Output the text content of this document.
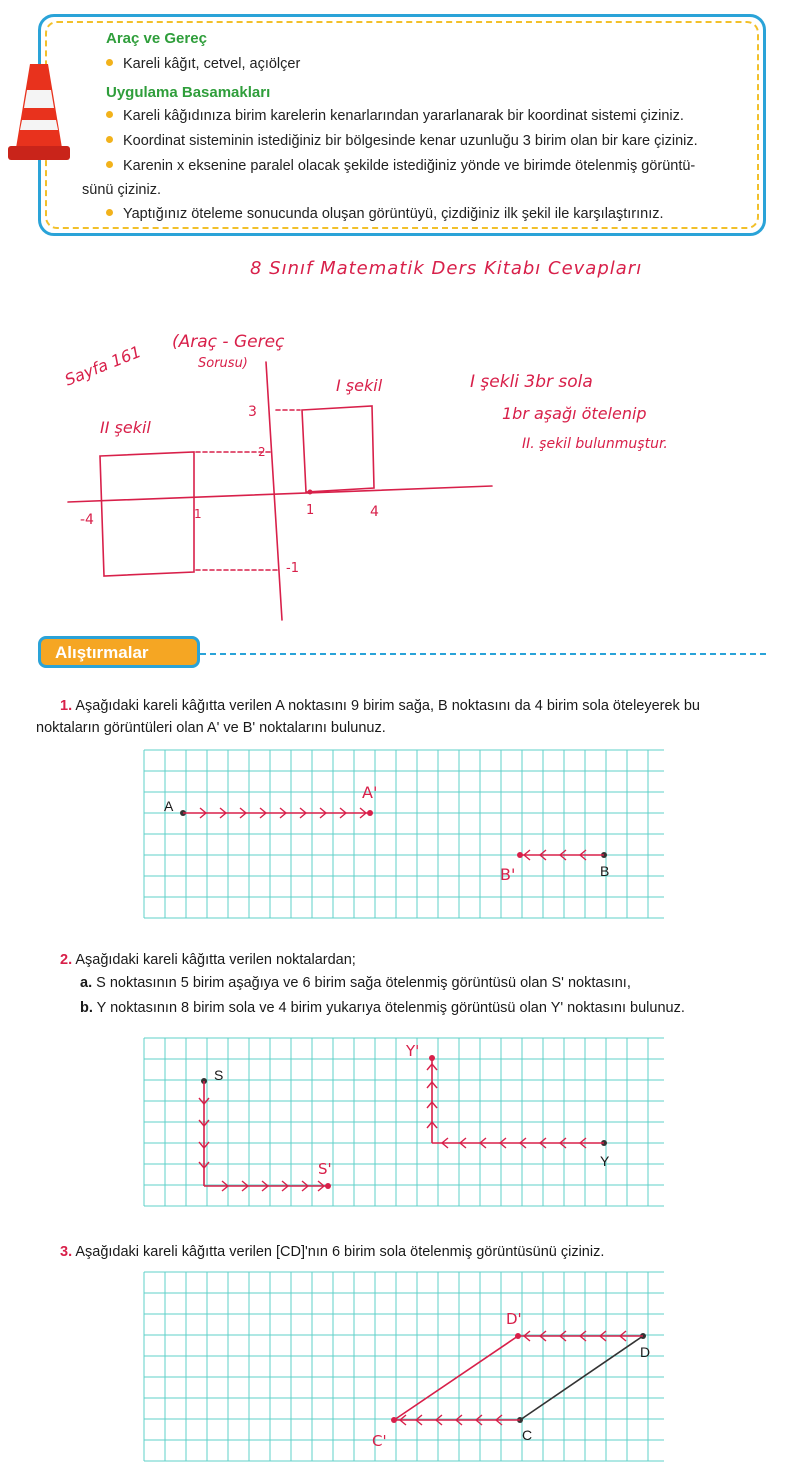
Araç ve Gereç
Kareli kâğıt, cetvel, açıölçer
Uygulama Basamakları
Kareli kâğıdınıza birim karelerin kenarlarından yararlanarak bir koordinat sistemi çiziniz.
Koordinat sisteminin istediğiniz bir bölgesinde kenar uzunluğu 3 birim olan bir kare çiziniz.
Karenin x eksenine paralel olacak şekilde istediğiniz yönde ve birimde ötelenmiş görüntü-
sünü çiziniz.
Yaptığınız öteleme sonucunda oluşan görüntüyü, çizdiğiniz ilk şekil ile karşılaştırınız.
8 Sınıf Matematik Ders Kitabı Cevapları
Sayfa 161 (Araç - Gereç
Sorusu)
I şekil
II şekil
I şekli 3br sola
1br aşağı ötelenip
II. şekil bulunmuştur.
3
2
1	4
-4	1
-1
Alıştırmalar
1. Aşağıdaki kareli kâğıtta verilen A noktasını 9 birim sağa, B noktasını da 4 birim sola öteleyerek bu
noktaların görüntüleri olan A' ve B' noktalarını bulunuz.
A
B
A'
B'
2. Aşağıdaki kareli kâğıtta verilen noktalardan;
a. S noktasının 5 birim aşağıya ve 6 birim sağa ötelenmiş görüntüsü olan S' noktasını,
b. Y noktasının 8 birim sola ve 4 birim yukarıya ötelenmiş görüntüsü olan Y' noktasını bulunuz.
S
Y
S'
Y'
3. Aşağıdaki kareli kâğıtta verilen [CD]'nın 6 birim sola ötelenmiş görüntüsünü çiziniz.
C
D
C'
D'
